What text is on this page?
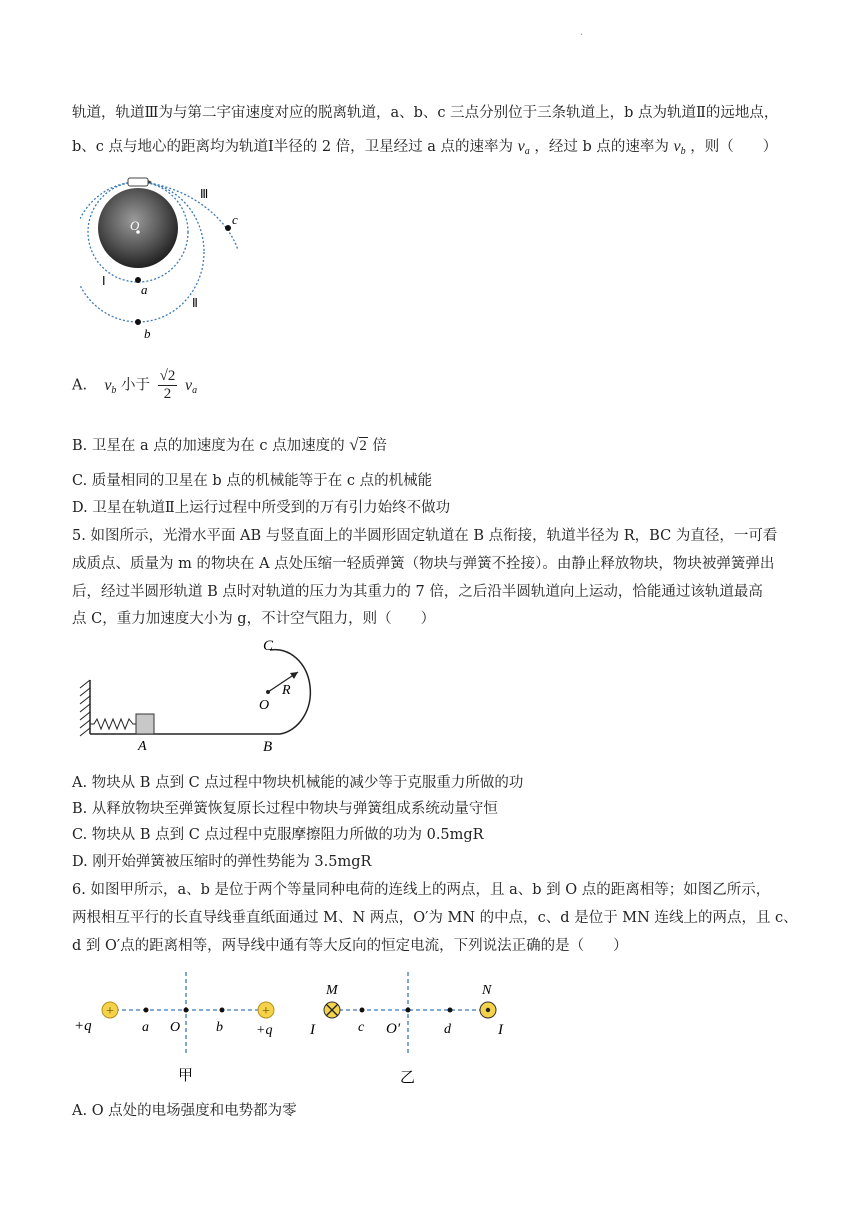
·
轨道，轨道Ⅲ为与第二宇宙速度对应的脱离轨道，a、b、c 三点分别位于三条轨道上，b 点为轨道Ⅱ的远地点，
b、c 点与地心的距离均为轨道Ⅰ半径的 2 倍，卫星经过 a 点的速率为 $v_a$ ，经过 b 点的速率为 $v_b$ ，则（　　）
O
a
b
c
Ⅰ
Ⅱ
Ⅲ
A. $v_b$ 小于 $\frac{√2}{2} v_a$
B. 卫星在 a 点的加速度为在 c 点加速度的 √2 倍
C. 质量相同的卫星在 b 点的机械能等于在 c 点的机械能
D. 卫星在轨道Ⅱ上运行过程中所受到的万有引力始终不做功
5. 如图所示，光滑水平面 AB 与竖直面上的半圆形固定轨道在 B 点衔接，轨道半径为 R，BC 为直径，一可看
成质点、质量为 m 的物块在 A 点处压缩一轻质弹簧（物块与弹簧不拴接）。由静止释放物块，物块被弹簧弹出
后，经过半圆形轨道 B 点时对轨道的压力为其重力的 7 倍，之后沿半圆轨道向上运动，恰能通过该轨道最高
点 C，重力加速度大小为 g，不计空气阻力，则（　　）
C
R
O
A	B
A. 物块从 B 点到 C 点过程中物块机械能的减少等于克服重力所做的功
B. 从释放物块至弹簧恢复原长过程中物块与弹簧组成系统动量守恒
C. 物块从 B 点到 C 点过程中克服摩擦阻力所做的功为 0.5mgR
D. 刚开始弹簧被压缩时的弹性势能为 3.5mgR
6. 如图甲所示，a、b 是位于两个等量同种电荷的连线上的两点，且 a、b 到 O 点的距离相等；如图乙所示，
两根相互平行的长直导线垂直纸面通过 M、N 两点，O′为 MN 的中点，c、d 是位于 MN 连线上的两点，且 c、
d 到 O′点的距离相等，两导线中通有等大反向的恒定电流，下列说法正确的是（　　）
+	+
+q	a O	b +q
甲
M	N
I	I
c O′	d
乙
A. O 点处的电场强度和电势都为零
